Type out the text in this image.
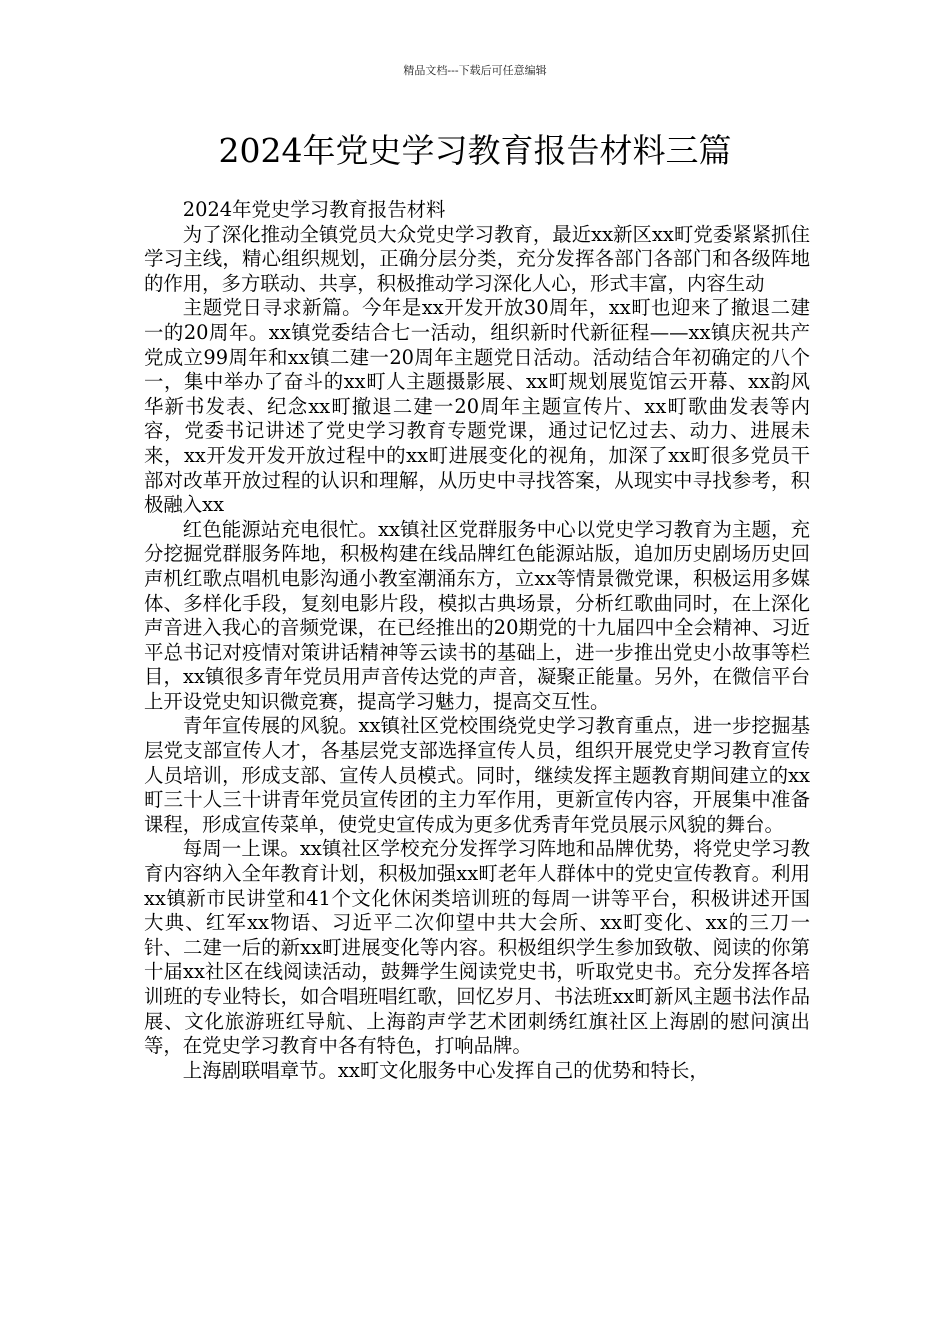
精品文档---下载后可任意编辑
2024年党史学习教育报告材料三篇

2024年党史学习教育报告材料

为了深化推动全镇党员大众党史学习教育，最近xx新区xx町党委紧紧抓住学习主线，精心组织规划，正确分层分类，充分发挥各部门各部门和各级阵地的作用，多方联动、共享，积极推动学习深化人心，形式丰富，内容生动

主题党日寻求新篇。今年是xx开发开放30周年，xx町也迎来了撤退二建一的20周年。xx镇党委结合七一活动，组织新时代新征程——xx镇庆祝共产党成立99周年和xx镇二建一20周年主题党日活动。活动结合年初确定的八个一，集中举办了奋斗的xx町人主题摄影展、xx町规划展览馆云开幕、xx韵风华新书发表、纪念xx町撤退二建一20周年主题宣传片、xx町歌曲发表等内容，党委书记讲述了党史学习教育专题党课，通过记忆过去、动力、进展未来，xx开发开发开放过程中的xx町进展变化的视角，加深了xx町很多党员干部对改革开放过程的认识和理解，从历史中寻找答案，从现实中寻找参考，积极融入xx

红色能源站充电很忙。xx镇社区党群服务中心以党史学习教育为主题，充分挖掘党群服务阵地，积极构建在线品牌红色能源站版，追加历史剧场历史回声机红歌点唱机电影沟通小教室潮涌东方，立xx等情景微党课，积极运用多媒体、多样化手段，复刻电影片段，模拟古典场景，分析红歌曲同时，在上深化声音进入我心的音频党课，在已经推出的20期党的十九届四中全会精神、习近平总书记对疫情对策讲话精神等云读书的基础上，进一步推出党史小故事等栏目，xx镇很多青年党员用声音传达党的声音，凝聚正能量。另外，在微信平台上开设党史知识微竞赛，提高学习魅力，提高交互性。

青年宣传展的风貌。xx镇社区党校围绕党史学习教育重点，进一步挖掘基层党支部宣传人才，各基层党支部选择宣传人员，组织开展党史学习教育宣传人员培训，形成支部、宣传人员模式。同时，继续发挥主题教育期间建立的xx町三十人三十讲青年党员宣传团的主力军作用，更新宣传内容，开展集中准备课程，形成宣传菜单，使党史宣传成为更多优秀青年党员展示风貌的舞台。

每周一上课。xx镇社区学校充分发挥学习阵地和品牌优势，将党史学习教育内容纳入全年教育计划，积极加强xx町老年人群体中的党史宣传教育。利用xx镇新市民讲堂和41个文化休闲类培训班的每周一讲等平台，积极讲述开国大典、红军xx物语、习近平二次仰望中共大会所、xx町变化、xx的三刀一针、二建一后的新xx町进展变化等内容。积极组织学生参加致敬、阅读的你第十届xx社区在线阅读活动，鼓舞学生阅读党史书，听取党史书。充分发挥各培训班的专业特长，如合唱班唱红歌，回忆岁月、书法班xx町新风主题书法作品展、文化旅游班红导航、上海韵声学艺术团刺绣红旗社区上海剧的慰问演出等，在党史学习教育中各有特色，打响品牌。

上海剧联唱章节。xx町文化服务中心发挥自己的优势和特长，
